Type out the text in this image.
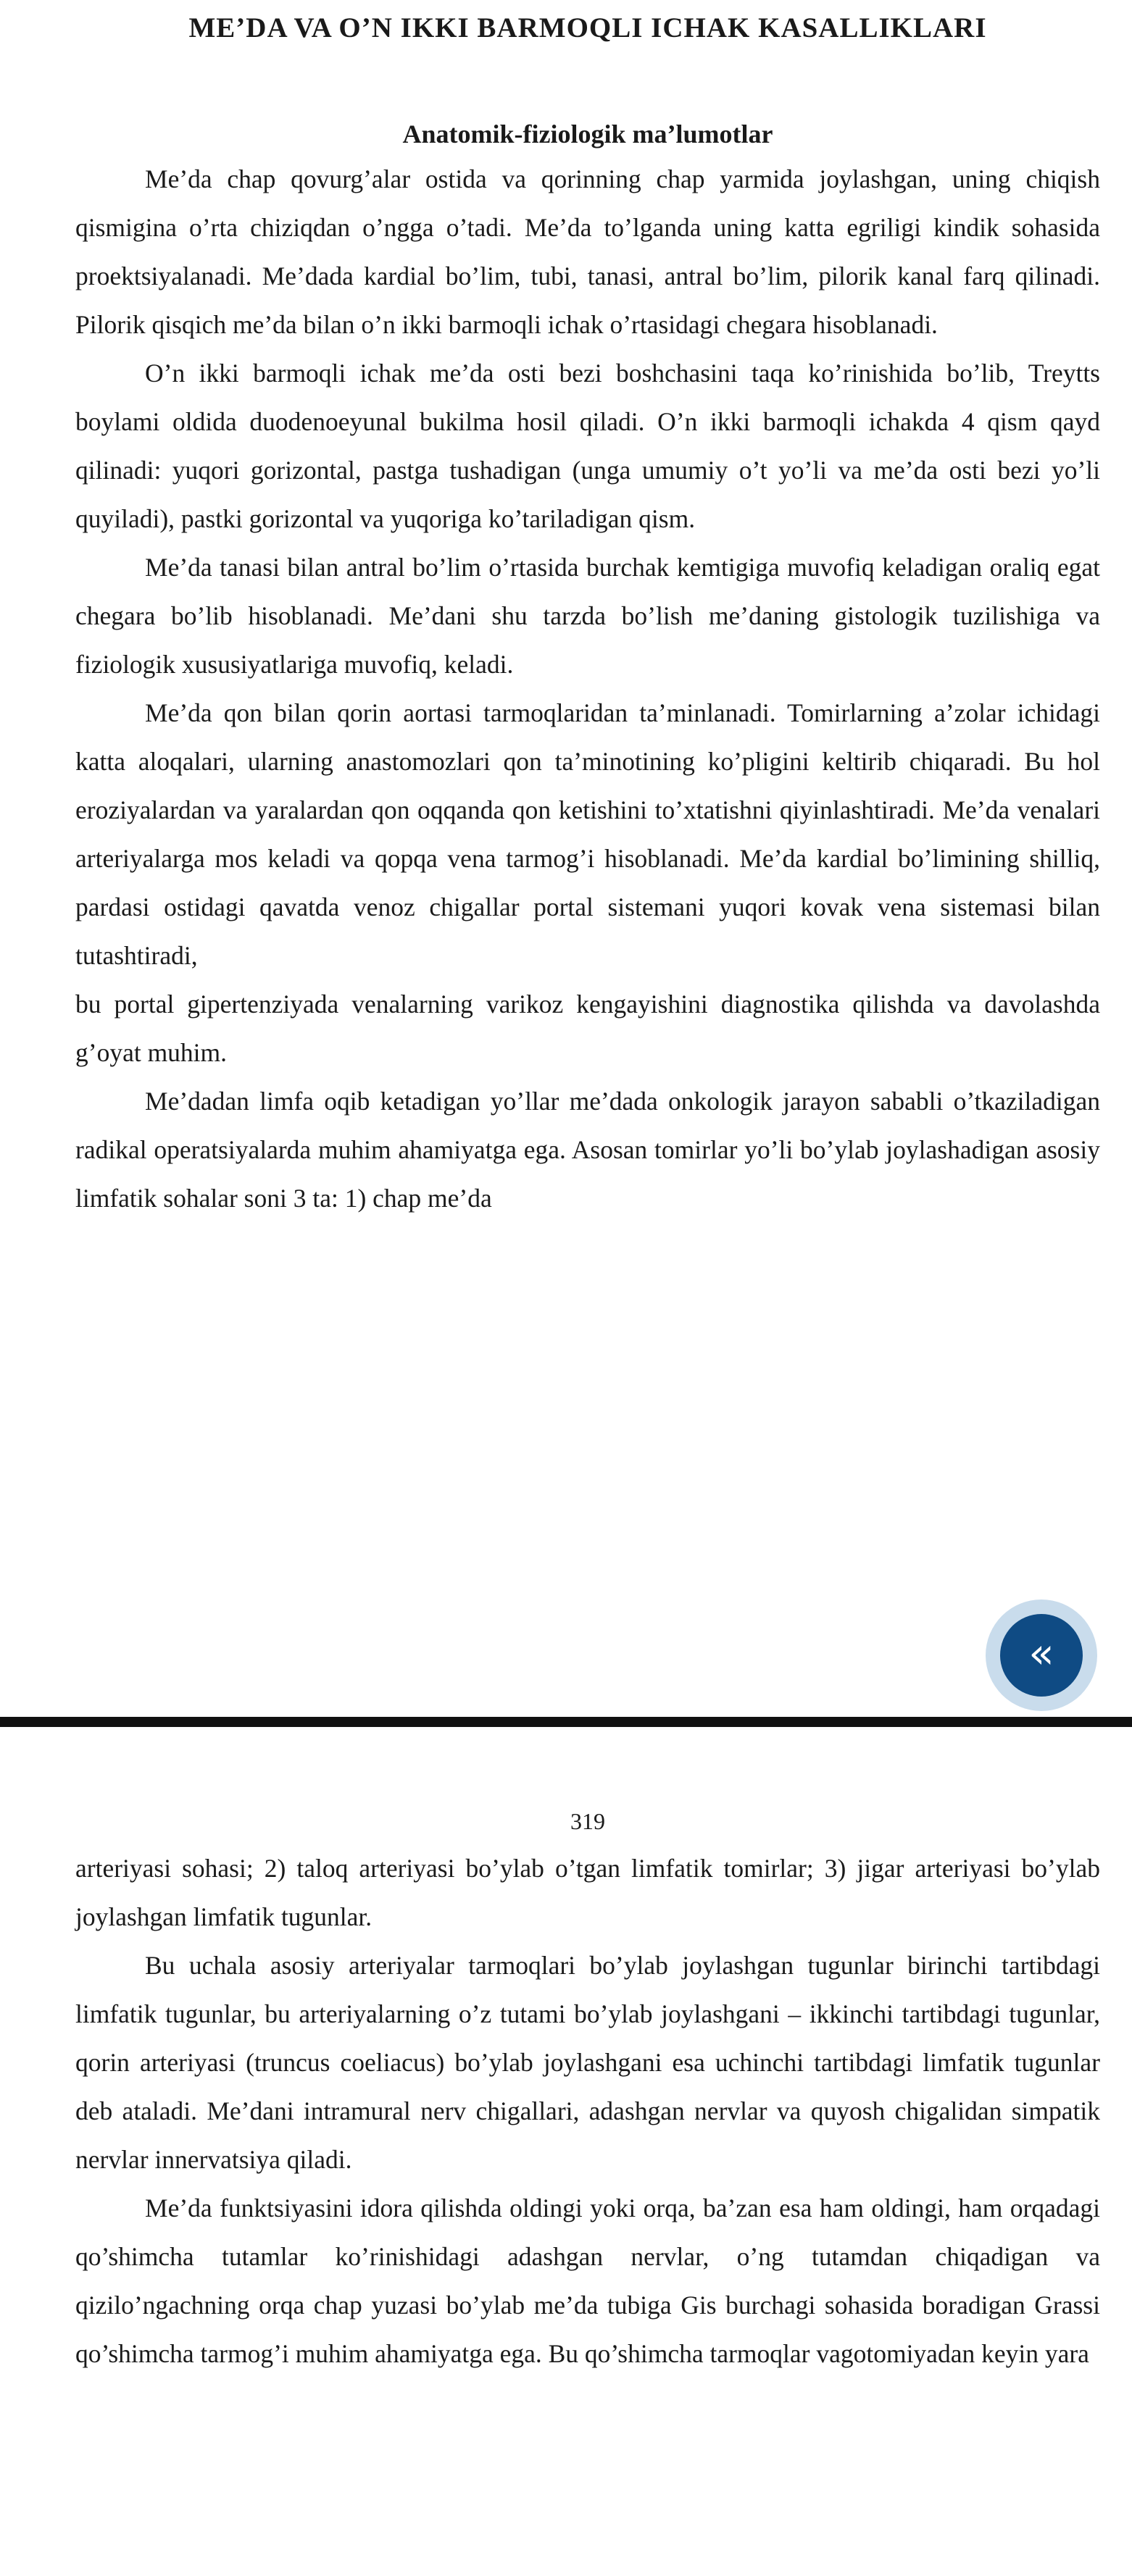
ME’DA VA O’N IKKI BARMOQLI ICHAK KASALLIKLARI
Anatomik-fiziologik ma’lumotlar

Me’da chap qovurg’alar ostida va qorinning chap yarmida joylashgan, uning chiqish qismigina o’rta chiziqdan o’ngga o’tadi. Me’da to’lganda uning katta egriligi kindik sohasida proektsiyalanadi. Me’dada kardial bo’lim, tubi, tanasi, antral bo’lim, pilorik kanal farq qilinadi. Pilorik qisqich me’da bilan o’n ikki barmoqli ichak o’rtasidagi chegara hisoblanadi.

O’n ikki barmoqli ichak me’da osti bezi boshchasini taqa ko’rinishida bo’lib, Treytts boylami oldida duodenoeyunal bukilma hosil qiladi. O’n ikki barmoqli ichakda 4 qism qayd qilinadi: yuqori gorizontal, pastga tushadigan (unga umumiy o’t yo’li va me’da osti bezi yo’li quyiladi), pastki gorizontal va yuqoriga ko’tariladigan qism.

Me’da tanasi bilan antral bo’lim o’rtasida burchak kemtigiga muvofiq keladigan oraliq egat chegara bo’lib hisoblanadi. Me’dani shu tarzda bo’lish me’daning gistologik tuzilishiga va fiziologik xususiyatlariga muvofiq, keladi.

Me’da qon bilan qorin aortasi tarmoqlaridan ta’minlanadi. Tomirlarning a’zolar ichidagi katta aloqalari, ularning anastomozlari qon ta’minotining ko’pligini keltirib chiqaradi. Bu hol eroziyalardan va yaralardan qon oqqanda qon ketishini to’xtatishni qiyinlashtiradi. Me’da venalari arteriyalarga mos keladi va qopqa vena tarmog’i hisoblanadi. Me’da kardial bo’limining shilliq, pardasi ostidagi qavatda venoz chigallar portal sistemani yuqori kovak vena sistemasi bilan tutashtiradi,

bu portal gipertenziyada venalarning varikoz kengayishini diagnostika qilishda va davolashda g’oyat muhim.

Me’dadan limfa oqib ketadigan yo’llar me’dada onkologik jarayon sababli o’tkaziladigan radikal operatsiyalarda muhim ahamiyatga ega. Asosan tomirlar yo’li bo’ylab joylashadigan asosiy limfatik sohalar soni 3 ta: 1) chap me’da

319

arteriyasi sohasi; 2) taloq arteriyasi bo’ylab o’tgan limfatik tomirlar; 3) jigar arteriyasi bo’ylab joylashgan limfatik tugunlar.

Bu uchala asosiy arteriyalar tarmoqlari bo’ylab joylashgan tugunlar birinchi tartibdagi limfatik tugunlar, bu arteriyalarning o’z tutami bo’ylab joylashgani – ikkinchi tartibdagi tugunlar, qorin arteriyasi (truncus coeliacus) bo’ylab joylashgani esa uchinchi tartibdagi limfatik tugunlar deb ataladi. Me’dani intramural nerv chigallari, adashgan nervlar va quyosh chigalidan simpatik nervlar innervatsiya qiladi.

Me’da funktsiyasini idora qilishda oldingi yoki orqa, ba’zan esa ham oldingi, ham orqadagi qo’shimcha tutamlar ko’rinishidagi adashgan nervlar, o’ng tutamdan chiqadigan va qizilo’ngachning orqa chap yuzasi bo’ylab me’da tubiga Gis burchagi sohasida boradigan Grassi qo’shimcha tarmog’i muhim ahamiyatga ega. Bu qo’shimcha tarmoqlar vagotomiyadan keyin yara

«
